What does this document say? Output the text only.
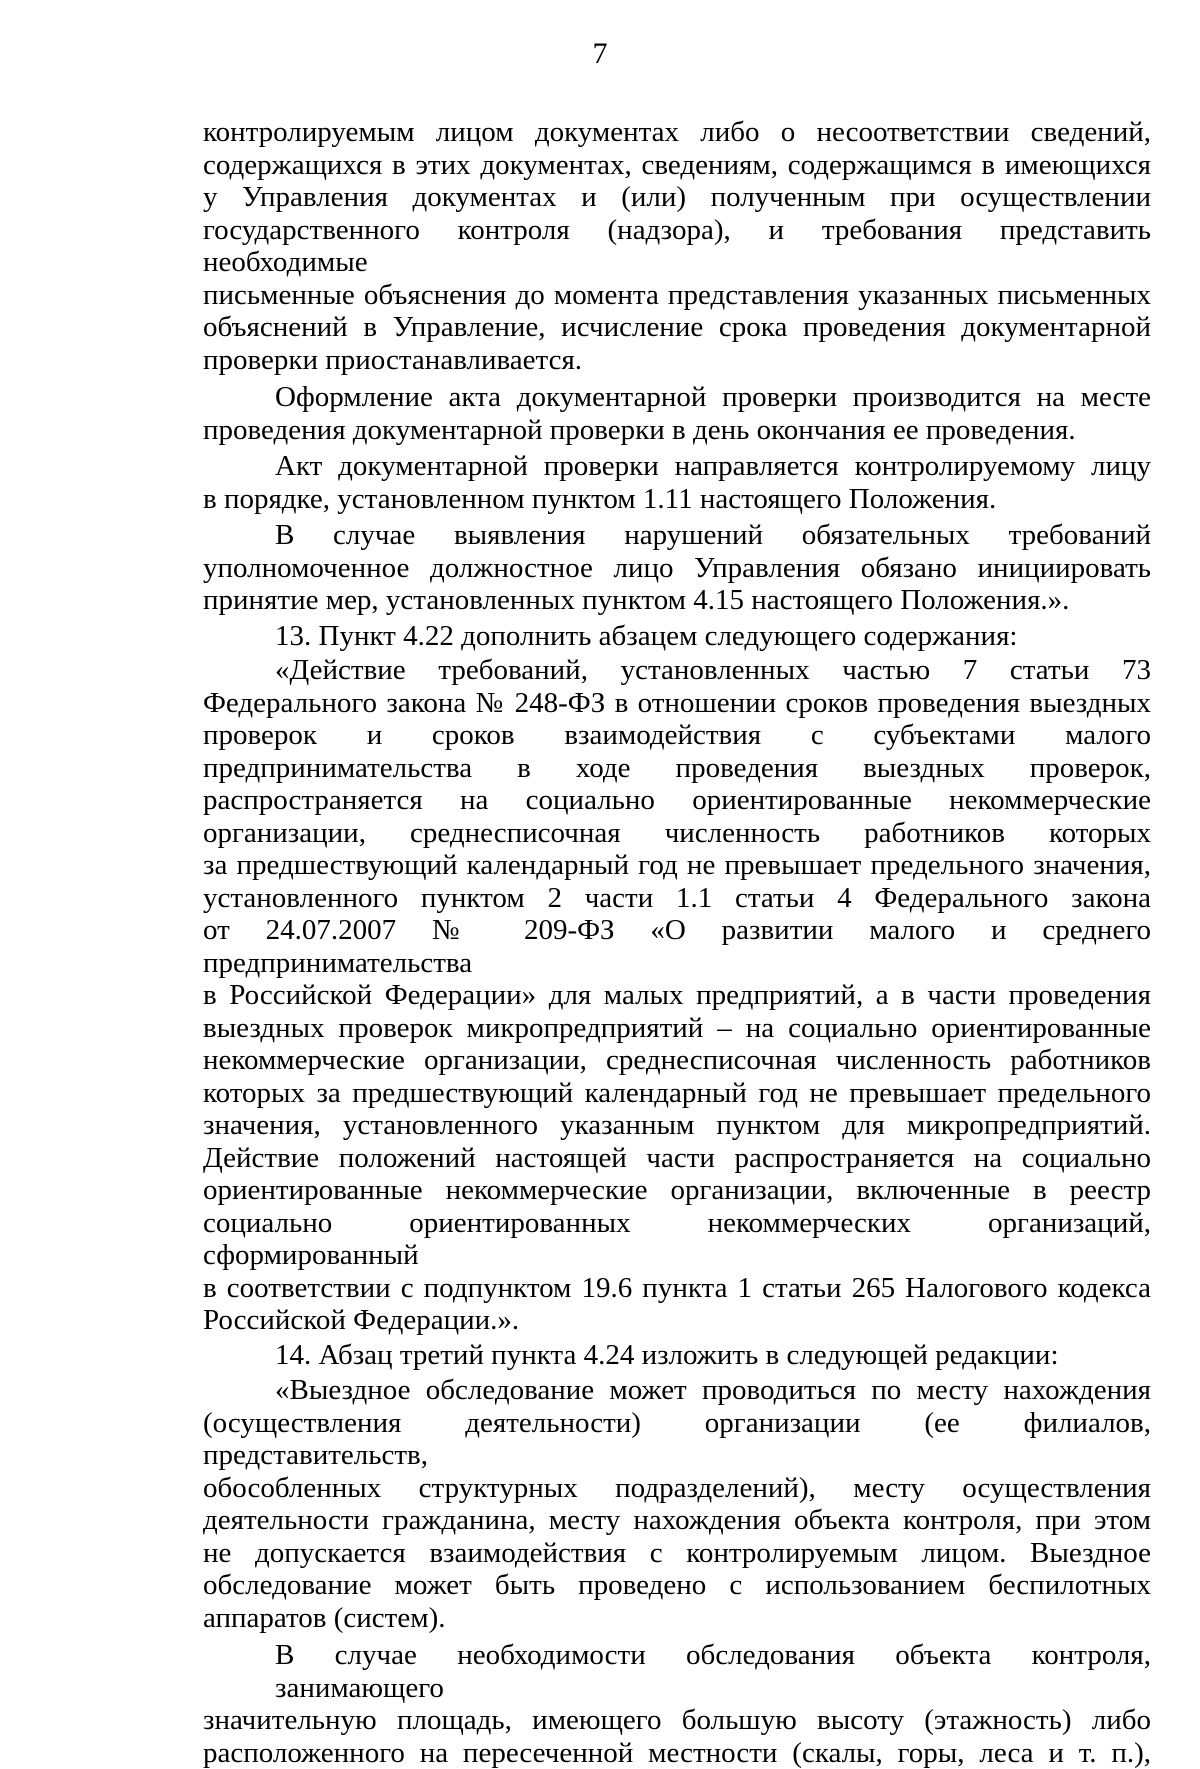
7

контролируемым лицом документах либо о несоответствии сведений,
содержащихся в этих документах, сведениям, содержащимся в имеющихся
у Управления документах и (или) полученным при осуществлении
государственного контроля (надзора), и требования представить необходимые
письменные объяснения до момента представления указанных письменных
объяснений в Управление, исчисление срока проведения документарной
проверки приостанавливается.

Оформление акта документарной проверки производится на месте
проведения документарной проверки в день окончания ее проведения.

Акт документарной проверки направляется контролируемому лицу
в порядке, установленном пунктом 1.11 настоящего Положения.

В случае выявления нарушений обязательных требований
уполномоченное должностное лицо Управления обязано инициировать
принятие мер, установленных пунктом 4.15 настоящего Положения.».

13. Пункт 4.22 дополнить абзацем следующего содержания:

«Действие требований, установленных частью 7 статьи 73
Федерального закона № 248-ФЗ в отношении сроков проведения выездных
проверок и сроков взаимодействия с субъектами малого
предпринимательства в ходе проведения выездных проверок,
распространяется на социально ориентированные некоммерческие
организации, среднесписочная численность работников которых
за предшествующий календарный год не превышает предельного значения,
установленного пунктом 2 части 1.1 статьи 4 Федерального закона
от 24.07.2007 № 209-ФЗ «О развитии малого и среднего предпринимательства
в Российской Федерации» для малых предприятий, а в части проведения
выездных проверок микропредприятий – на социально ориентированные
некоммерческие организации, среднесписочная численность работников
которых за предшествующий календарный год не превышает предельного
значения, установленного указанным пунктом для микропредприятий.
Действие положений настоящей части распространяется на социально
ориентированные некоммерческие организации, включенные в реестр
социально ориентированных некоммерческих организаций, сформированный
в соответствии с подпунктом 19.6 пункта 1 статьи 265 Налогового кодекса
Российской Федерации.».

14. Абзац третий пункта 4.24 изложить в следующей редакции:

«Выездное обследование может проводиться по месту нахождения
(осуществления деятельности) организации (ее филиалов, представительств,
обособленных структурных подразделений), месту осуществления
деятельности гражданина, месту нахождения объекта контроля, при этом
не допускается взаимодействия с контролируемым лицом. Выездное
обследование может быть проведено с использованием беспилотных
аппаратов (систем).

В случае необходимости обследования объекта контроля, занимающего
значительную площадь, имеющего большую высоту (этажность) либо
расположенного на пересеченной местности (скалы, горы, леса и т. п.),
